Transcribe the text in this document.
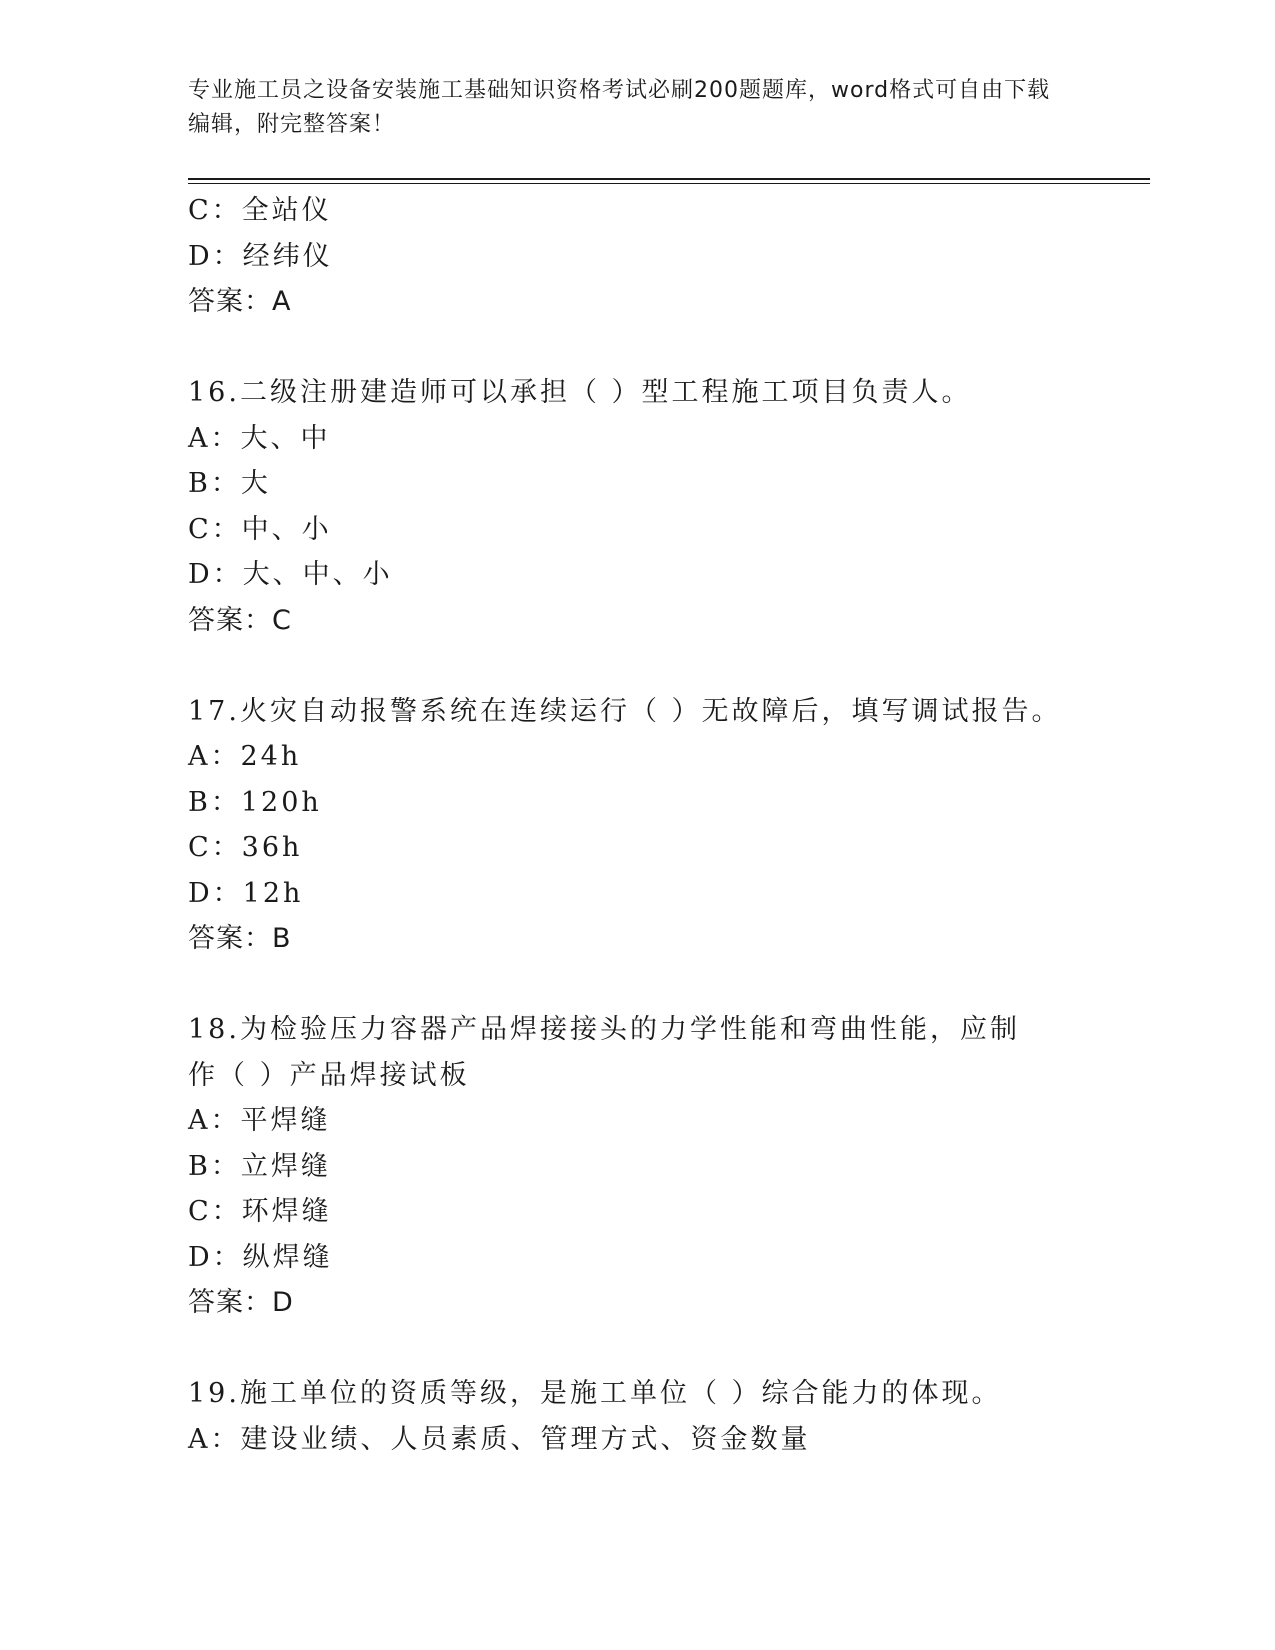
专业施工员之设备安装施工基础知识资格考试必刷200题题库，word格式可自由下载编辑，附完整答案！
C：全站仪
D：经纬仪
答案：A
16.二级注册建造师可以承担（ ）型工程施工项目负责人。
A：大、中
B：大
C：中、小
D：大、中、小
答案：C
17.火灾自动报警系统在连续运行（ ）无故障后，填写调试报告。
A：24h
B：120h
C：36h
D：12h
答案：B
18.为检验压力容器产品焊接接头的力学性能和弯曲性能，应制作（ ）产品焊接试板
A：平焊缝
B：立焊缝
C：环焊缝
D：纵焊缝
答案：D
19.施工单位的资质等级，是施工单位（ ）综合能力的体现。
A：建设业绩、人员素质、管理方式、资金数量
